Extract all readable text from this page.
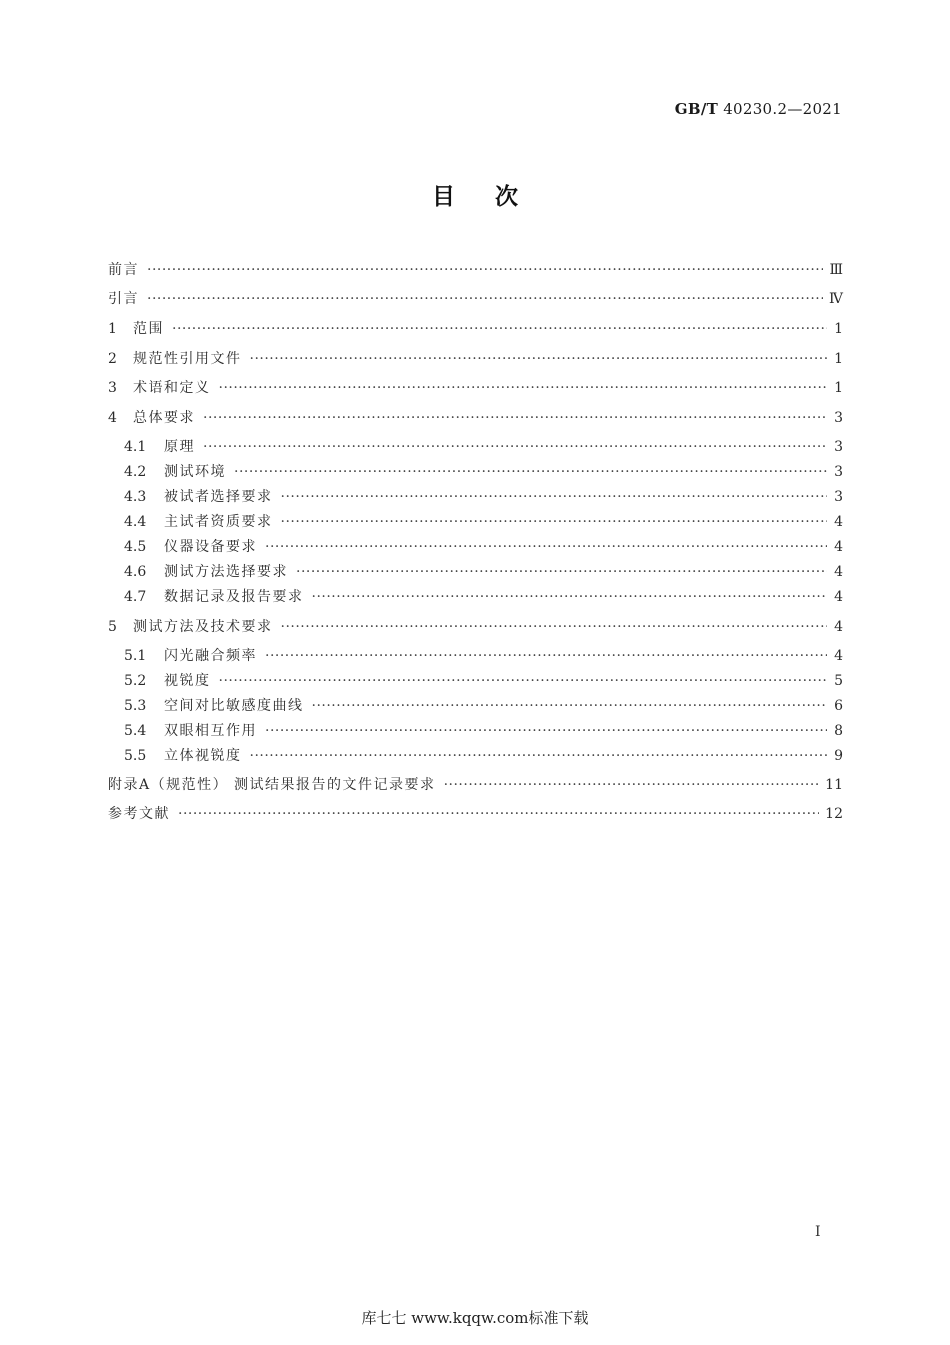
GB/T 40230.2—2021
目次
前言 ·····	Ⅲ
引言 ·····	Ⅳ
1	范围 ·····	1
2	规范性引用文件 ·····	1
3	术语和定义 ·····	1
4	总体要求 ·····	3
4.1	原理 ·····	3
4.2	测试环境 ·····	3
4.3	被试者选择要求 ·····	3
4.4	主试者资质要求 ·····	4
4.5	仪器设备要求 ·····	4
4.6	测试方法选择要求 ·····	4
4.7	数据记录及报告要求 ·····	4
5	测试方法及技术要求 ·····	4
5.1	闪光融合频率 ·····	4
5.2	视锐度 ·····	5
5.3	空间对比敏感度曲线 ·····	6
5.4	双眼相互作用 ·····	8
5.5	立体视锐度 ·····	9
附录A（规范性） 测试结果报告的文件记录要求 ·····	11
参考文献 ·····	12
I
库七七 www.kqqw.com标准下载
